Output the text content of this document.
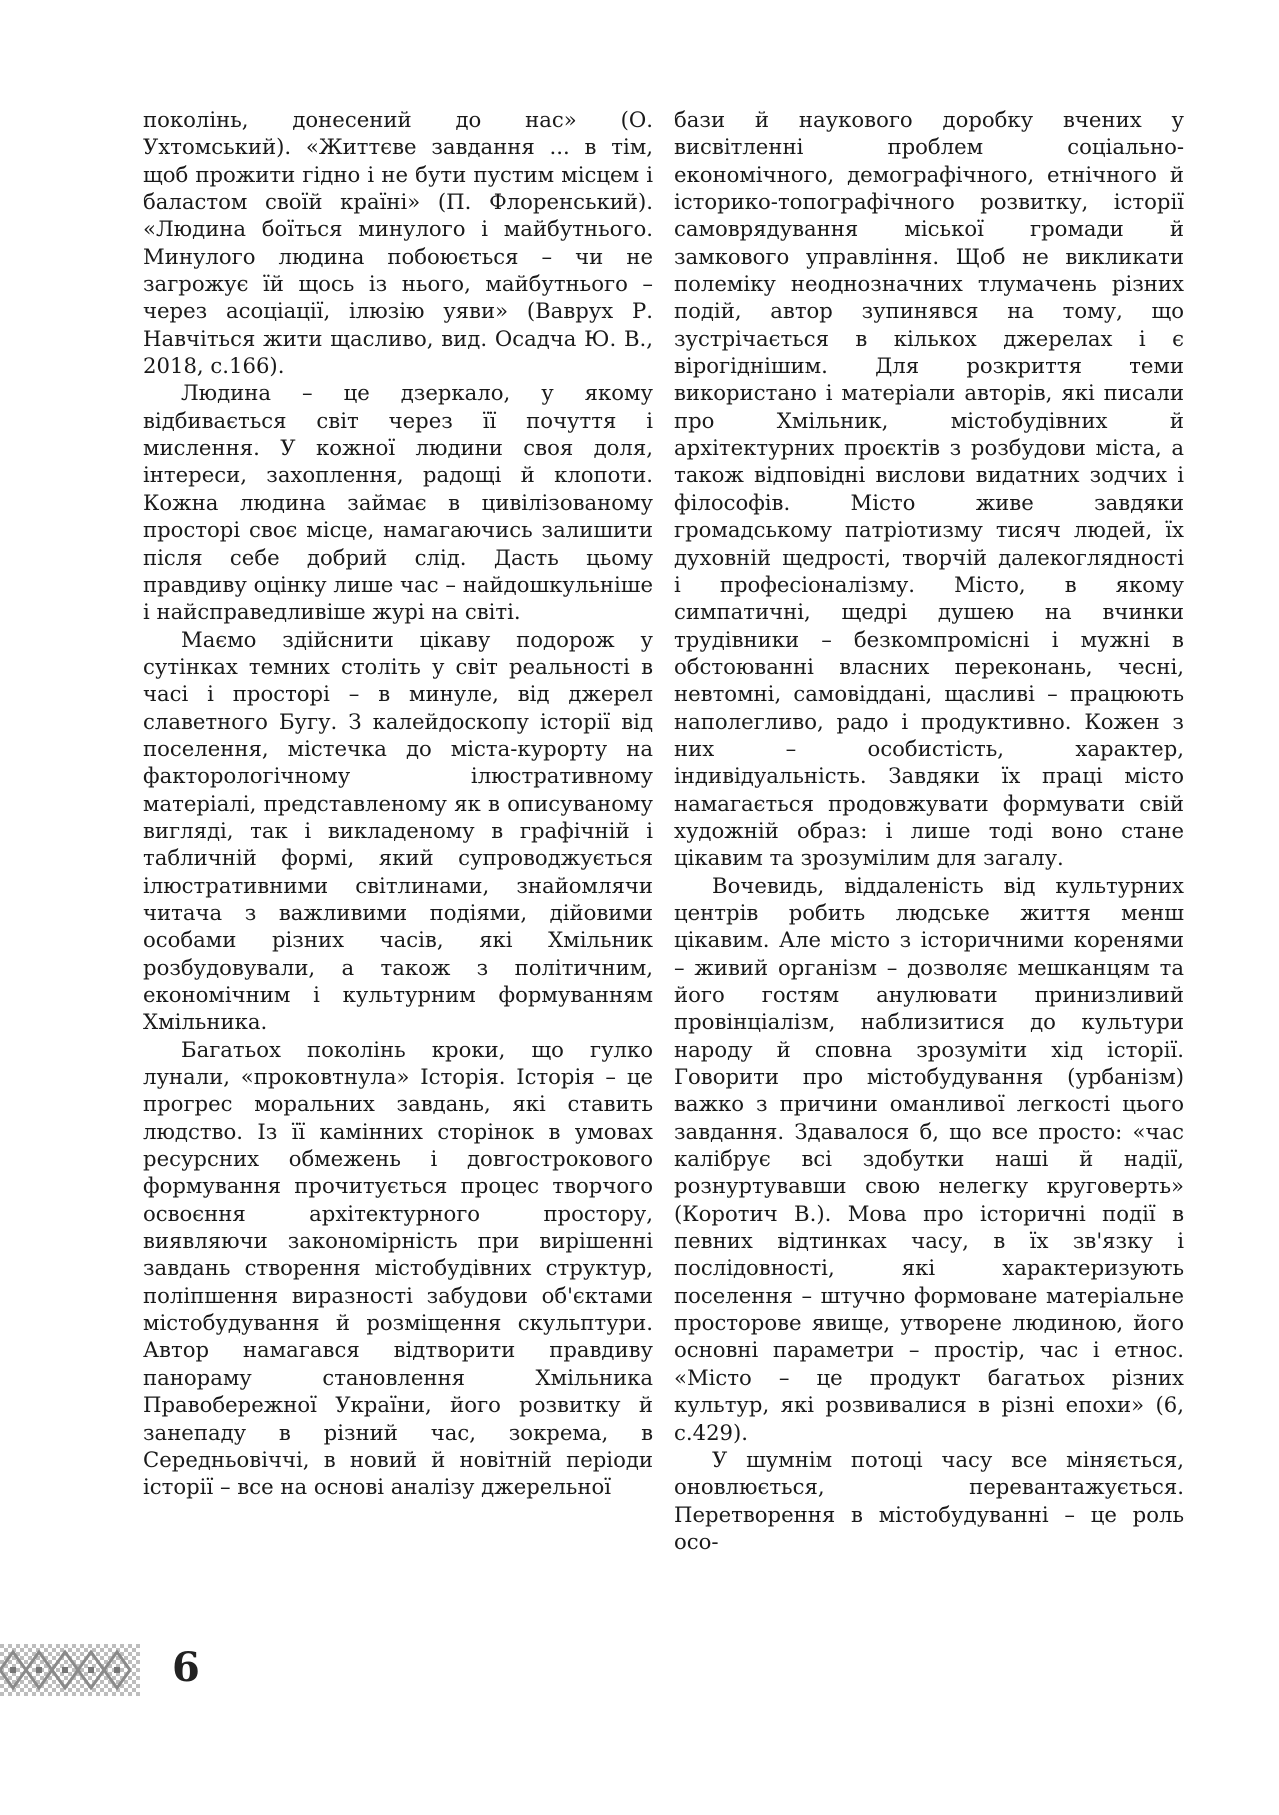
поколінь, донесений до нас» (О. Ухтомський). «Життєве завдання ... в тім, щоб прожити гідно і не бути пустим місцем і баластом своїй країні» (П. Флоренський). «Людина боїться минулого і майбутнього. Минулого людина побоюється – чи не загрожує їй щось із нього, майбутнього – через асоціації, ілюзію уяви» (Ваврух Р. Навчіться жити щасливо, вид. Осадча Ю. В., 2018, с.166).

Людина – це дзеркало, у якому відбивається світ через її почуття і мислення. У кожної людини своя доля, інтереси, захоплення, радощі й клопоти. Кожна людина займає в цивілізованому просторі своє місце, намагаючись залишити після себе добрий слід. Дасть цьому правдиву оцінку лише час – найдошкульніше і найсправедливіше журі на світі.

Маємо здійснити цікаву подорож у сутінках темних століть у світ реальності в часі і просторі – в минуле, від джерел славетного Бугу. З калейдоскопу історії від поселення, містечка до міста-курорту на факторологічному ілюстративному матеріалі, представленому як в описуваному вигляді, так і викладеному в графічній і табличній формі, який супроводжується ілюстративними світлинами, знайомлячи читача з важливими подіями, дійовими особами різних часів, які Хмільник розбудовували, а також з політичним, економічним і культурним формуванням Хмільника.

Багатьох поколінь кроки, що гулко лунали, «проковтнула» Історія. Історія – це прогрес моральних завдань, які ставить людство. Із її камінних сторінок в умовах ресурсних обмежень і довгострокового формування прочитується процес творчого освоєння архітектурного простору, виявляючи закономірність при вирішенні завдань створення містобудівних структур, поліпшення виразності забудови об'єктами містобудування й розміщення скульптури. Автор намагався відтворити правдиву панораму становлення Хмільника Правобережної України, його розвитку й занепаду в різний час, зокрема, в Середньовіччі, в новий й новітній періоди історії – все на основі аналізу джерельної

бази й наукового доробку вчених у висвітленні проблем соціально-економічного, демографічного, етнічного й історико-топографічного розвитку, історії самоврядування міської громади й замкового управління. Щоб не викликати полеміку неоднозначних тлумачень різних подій, автор зупинявся на тому, що зустрічається в кількох джерелах і є вірогіднішим. Для розкриття теми використано і матеріали авторів, які писали про Хмільник, містобудівних й архітектурних проєктів з розбудови міста, а також відповідні вислови видатних зодчих і філософів. Місто живе завдяки громадському патріотизму тисяч людей, їх духовній щедрості, творчій далекоглядності і професіоналізму. Місто, в якому симпатичні, щедрі душею на вчинки трудівники – безкомпромісні і мужні в обстоюванні власних переконань, чесні, невтомні, самовіддані, щасливі – працюють наполегливо, радо і продуктивно. Кожен з них – особистість, характер, індивідуальність. Завдяки їх праці місто намагається продовжувати формувати свій художній образ: і лише тоді воно стане цікавим та зрозумілим для загалу.

Вочевидь, віддаленість від культурних центрів робить людське життя менш цікавим. Але місто з історичними коренями – живий організм – дозволяє мешканцям та його гостям анулювати принизливий провінціалізм, наблизитися до культури народу й сповна зрозуміти хід історії. Говорити про містобудування (урбанізм) важко з причини оманливої легкості цього завдання. Здавалося б, що все просто: «час калібрує всі здобутки наші й надії, рознуртувавши свою нелегку круговерть» (Коротич В.). Мова про історичні події в певних відтинках часу, в їх зв'язку і послідовності, які характеризують поселення – штучно формоване матеріальне просторове явище, утворене людиною, його основні параметри – простір, час і етнос. «Місто – це продукт багатьох різних культур, які розвивалися в різні епохи» (6, с.429).

У шумнім потоці часу все міняється, оновлюється, перевантажується. Перетворення в містобудуванні – це роль осо-

6
